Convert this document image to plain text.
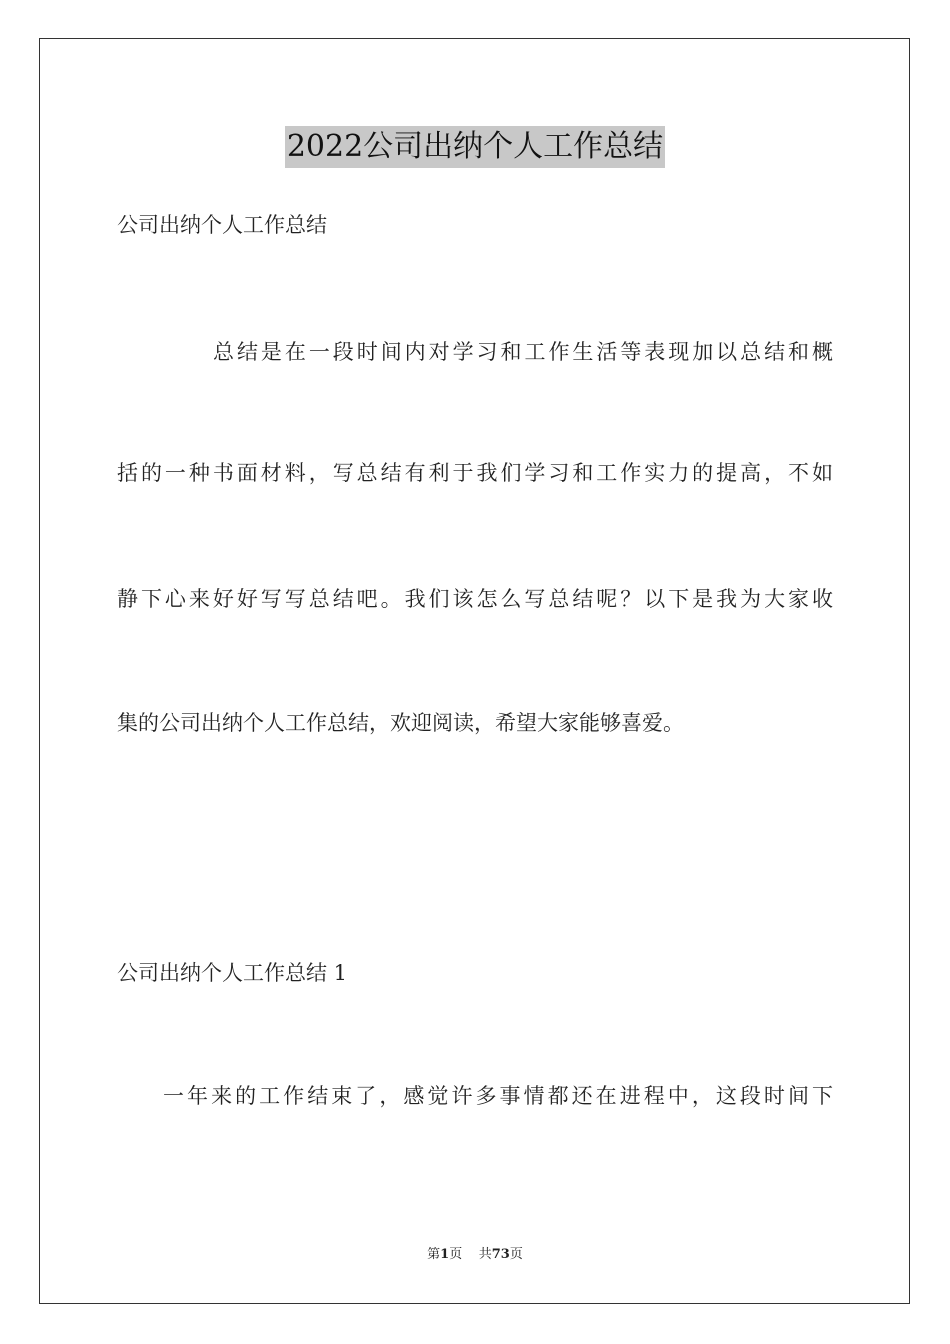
2022公司出纳个人工作总结
公司出纳个人工作总结
总结是在一段时间内对学习和工作生活等表现加以总结和概
括的一种书面材料，写总结有利于我们学习和工作实力的提高，不如
静下心来好好写写总结吧。我们该怎么写总结呢？以下是我为大家收
集的公司出纳个人工作总结，欢迎阅读，希望大家能够喜爱。
公司出纳个人工作总结 1
一年来的工作结束了，感觉许多事情都还在进程中，这段时间下
第1页 共73页
